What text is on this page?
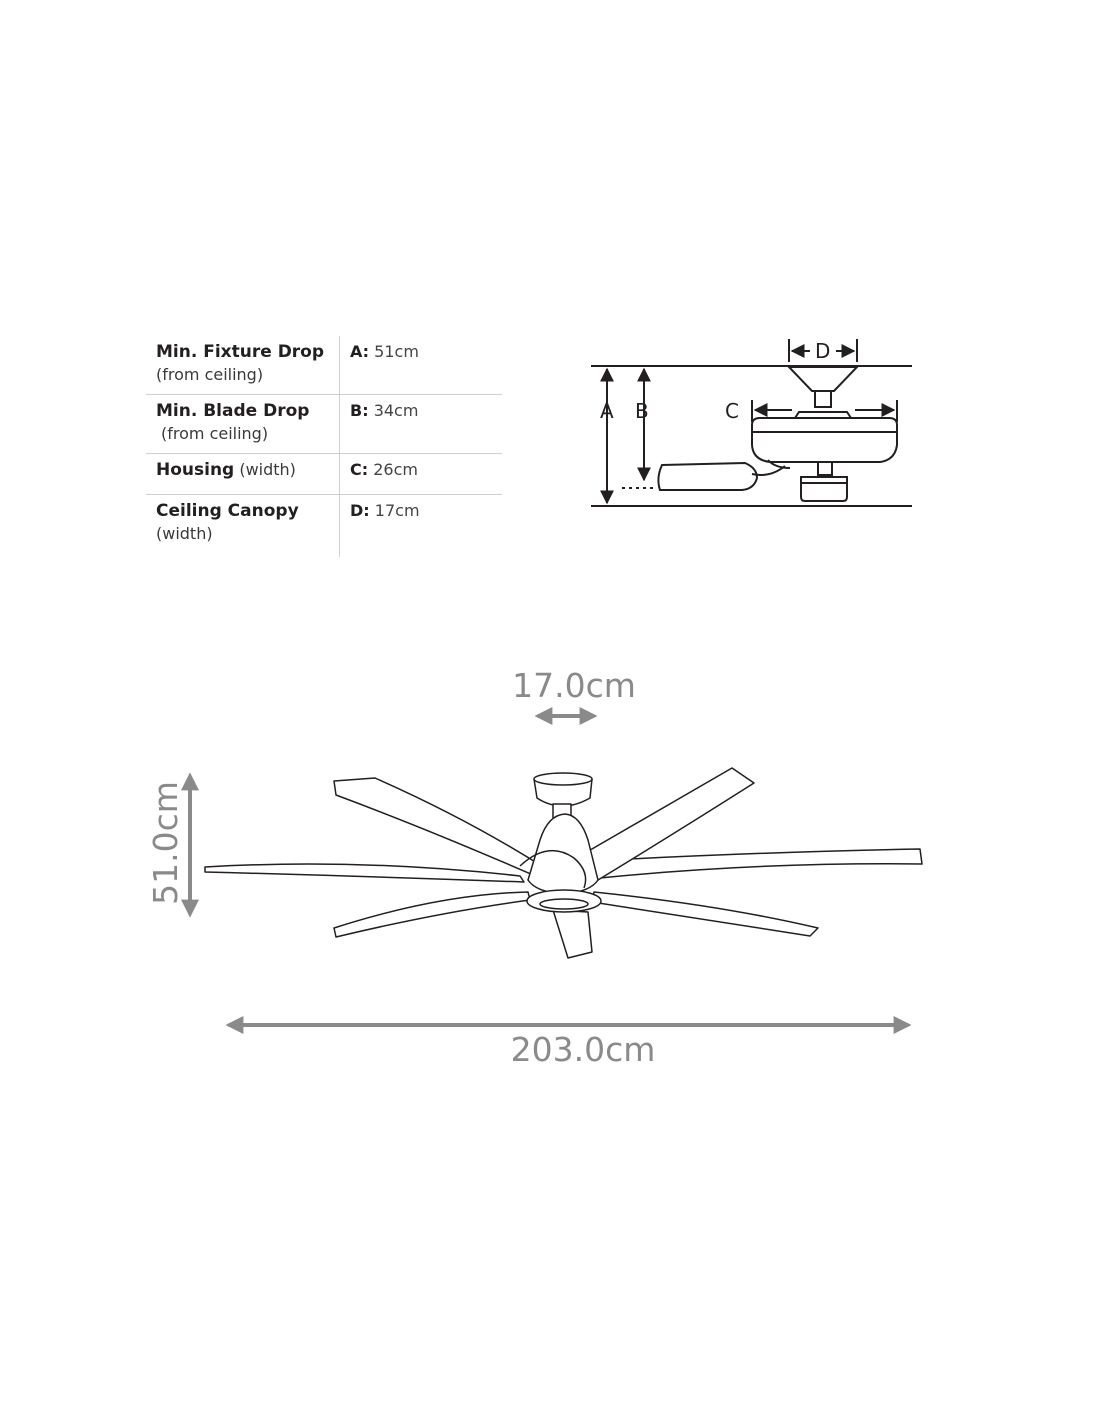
Min. Fixture Drop
(from ceiling)
A: 51cm
Min. Blade Drop
(from ceiling)
B: 34cm
Housing (width)	C: 26cm
Ceiling Canopy
(width)
D: 17cm
A B	C
D
17.0cm
51.0cm
203.0cm
